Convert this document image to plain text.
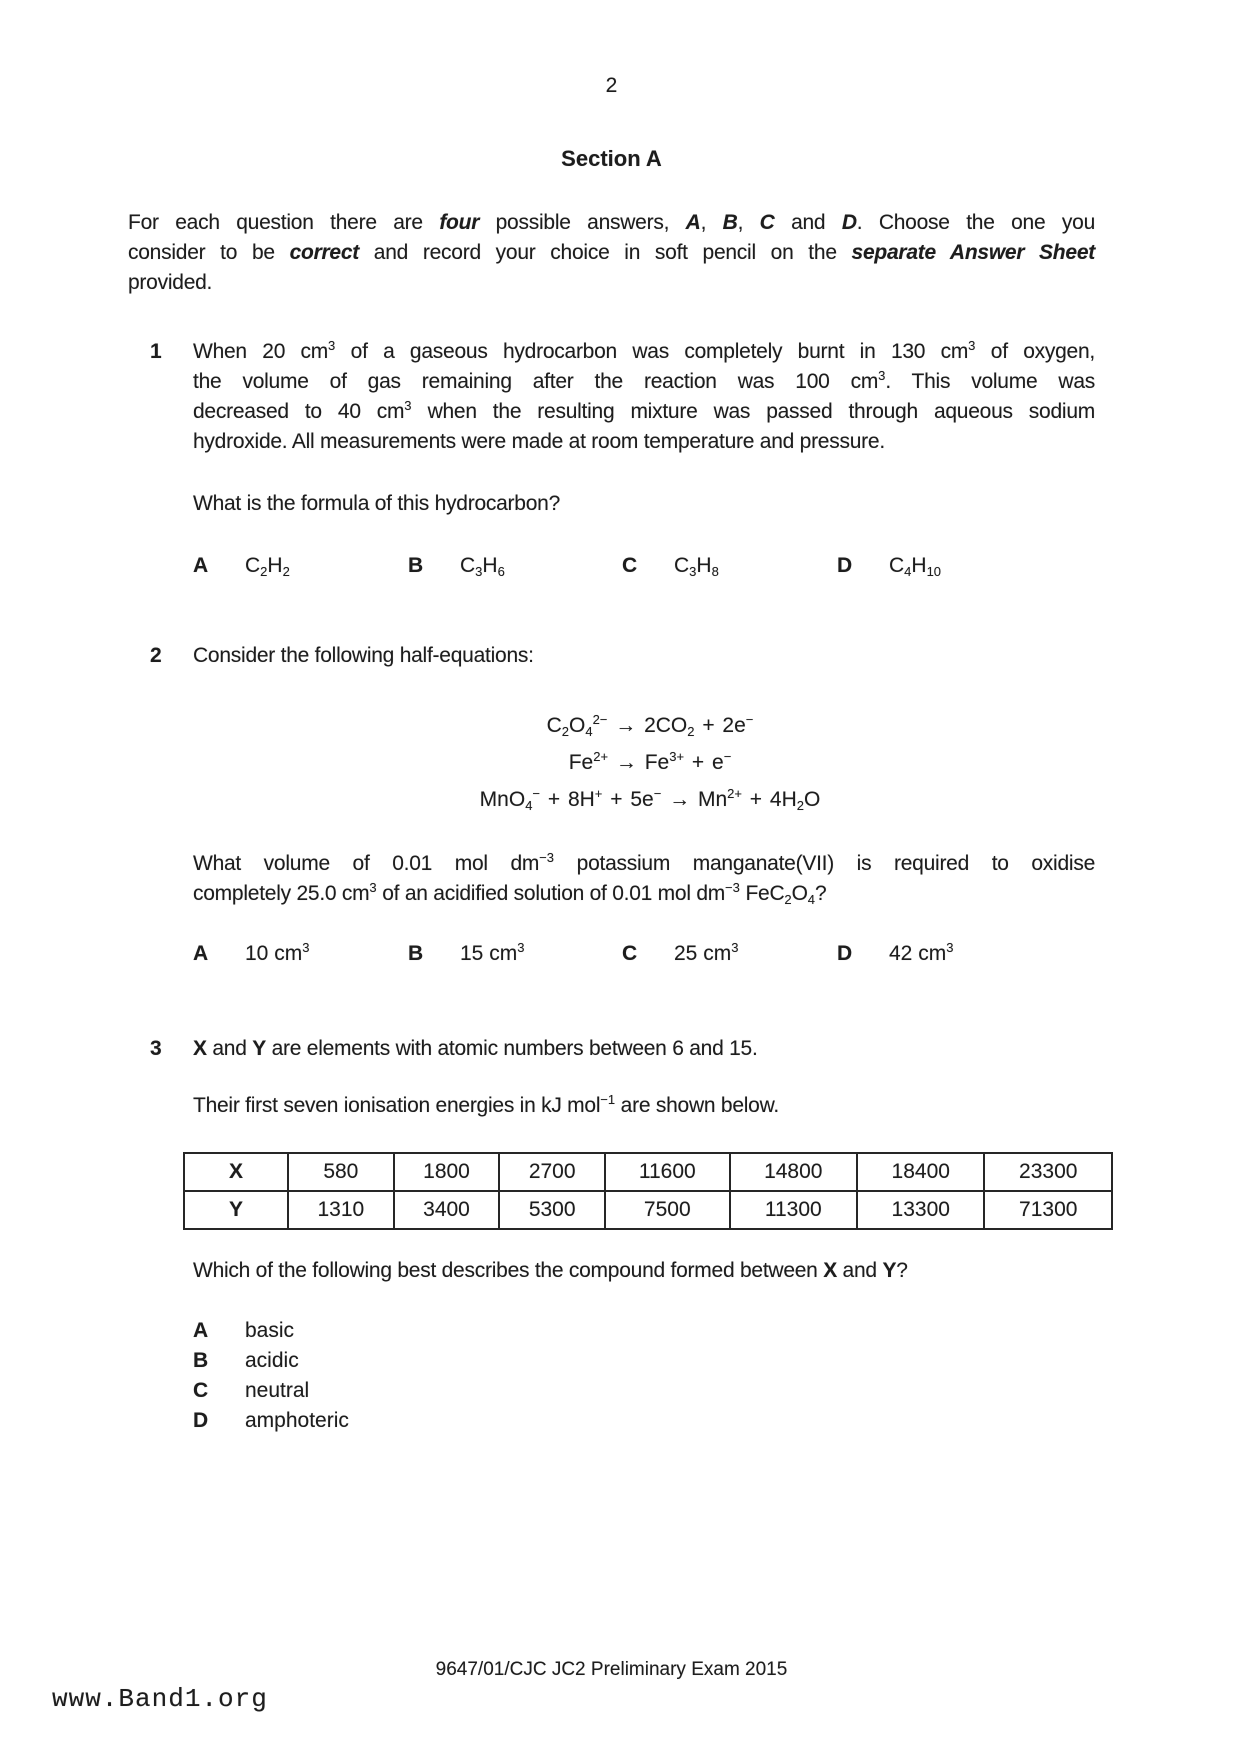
2
Section A
For each question there are four possible answers, A, B, C and D. Choose the one you
consider to be correct and record your choice in soft pencil on the separate Answer Sheet
provided.
1 When 20 $cm^3$ of a gaseous hydrocarbon was completely burnt in 130 $cm^3$ of oxygen,
the volume of gas remaining after the reaction was 100 $cm^3$. This volume was
decreased to 40 $cm^3$ when the resulting mixture was passed through aqueous sodium
hydroxide. All measurements were made at room temperature and pressure.
What is the formula of this hydrocarbon?
A	$C_2H_2$	B	$C_3H_6$	C	$C_3H_8$	D	$C_4H_{10}$
2 Consider the following half-equations:
$C_2O_4^{2-} \to 2CO_2 + 2e^-$
$Fe^{2+} \to Fe^{3+} + e^-$
$MnO_4^- + 8H^+ + 5e^- \to Mn^{2+} + 4H_2O$
What volume of 0.01 mol $dm^{-3}$ potassium manganate(VII) is required to oxidise
completely 25.0 $cm^3$ of an acidified solution of 0.01 mol $dm^{-3}$ $FeC_2O_4$?
A	10 $cm^3$	B	15 $cm^3$	C	25 $cm^3$	D	42 $cm^3$
3 X and Y are elements with atomic numbers between 6 and 15.
Their first seven ionisation energies in kJ mol$^{-1}$ are shown below.
X	580	1800	2700	11600	14800	18400	23300
Y	1310	3400	5300	7500	11300	13300	71300
Which of the following best describes the compound formed between X and Y?
A basic
B acidic
C neutral
D amphoteric
9647/01/CJC JC2 Preliminary Exam 2015
www.Band1.org
